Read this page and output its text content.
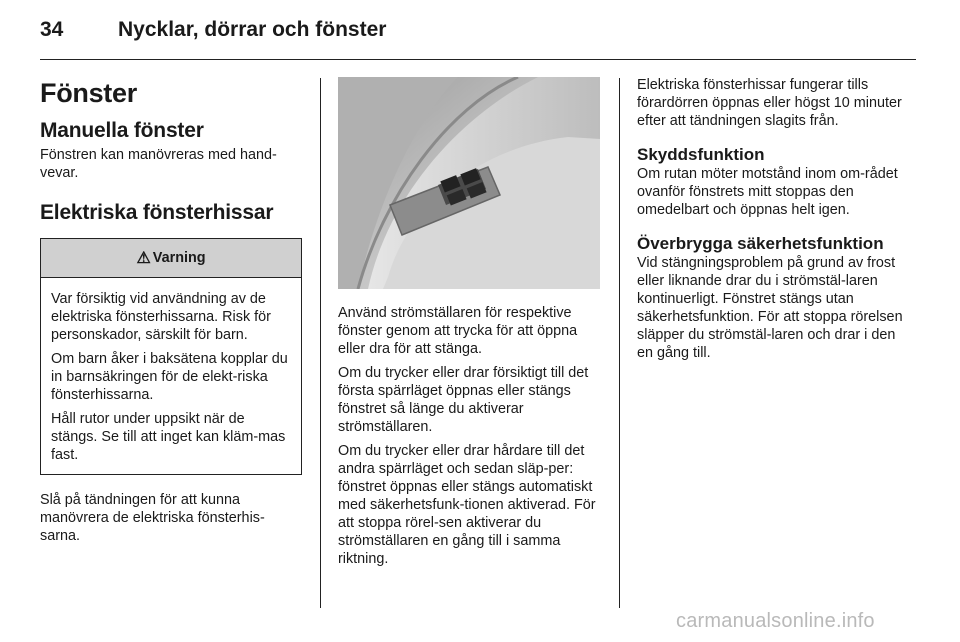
34	Nycklar, dörrar och fönster
Fönster
Manuella fönster

Fönstren kan manövreras med hand-vevar.

Elektriska fönsterhissar
⚠ Varning

Var försiktig vid användning av de elektriska fönsterhissarna. Risk för personskador, särskilt för barn.

Om barn åker i baksätena kopplar du in barnsäkringen för de elekt-riska fönsterhissarna.

Håll rutor under uppsikt när de stängs. Se till att inget kan kläm-mas fast.

Slå på tändningen för att kunna manövrera de elektriska fönsterhis-sarna.

Använd strömställaren för respektive fönster genom att trycka för att öppna eller dra för att stänga.

Om du trycker eller drar försiktigt till det första spärrläget öppnas eller stängs fönstret så länge du aktiverar strömställaren.

Om du trycker eller drar hårdare till det andra spärrläget och sedan släp-per: fönstret öppnas eller stängs automatiskt med säkerhetsfunk-tionen aktiverad. För att stoppa rörel-sen aktiverar du strömställaren en gång till i samma riktning.

Elektriska fönsterhissar fungerar tills förardörren öppnas eller högst 10 minuter efter att tändningen slagits från.

Skyddsfunktion

Om rutan möter motstånd inom om-rådet ovanför fönstrets mitt stoppas den omedelbart och öppnas helt igen.

Överbrygga säkerhetsfunktion

Vid stängningsproblem på grund av frost eller liknande drar du i strömstäl-laren kontinuerligt. Fönstret stängs utan säkerhetsfunktion. För att stoppa rörelsen släpper du strömstäl-laren och drar i den en gång till.

carmanualsonline.info
